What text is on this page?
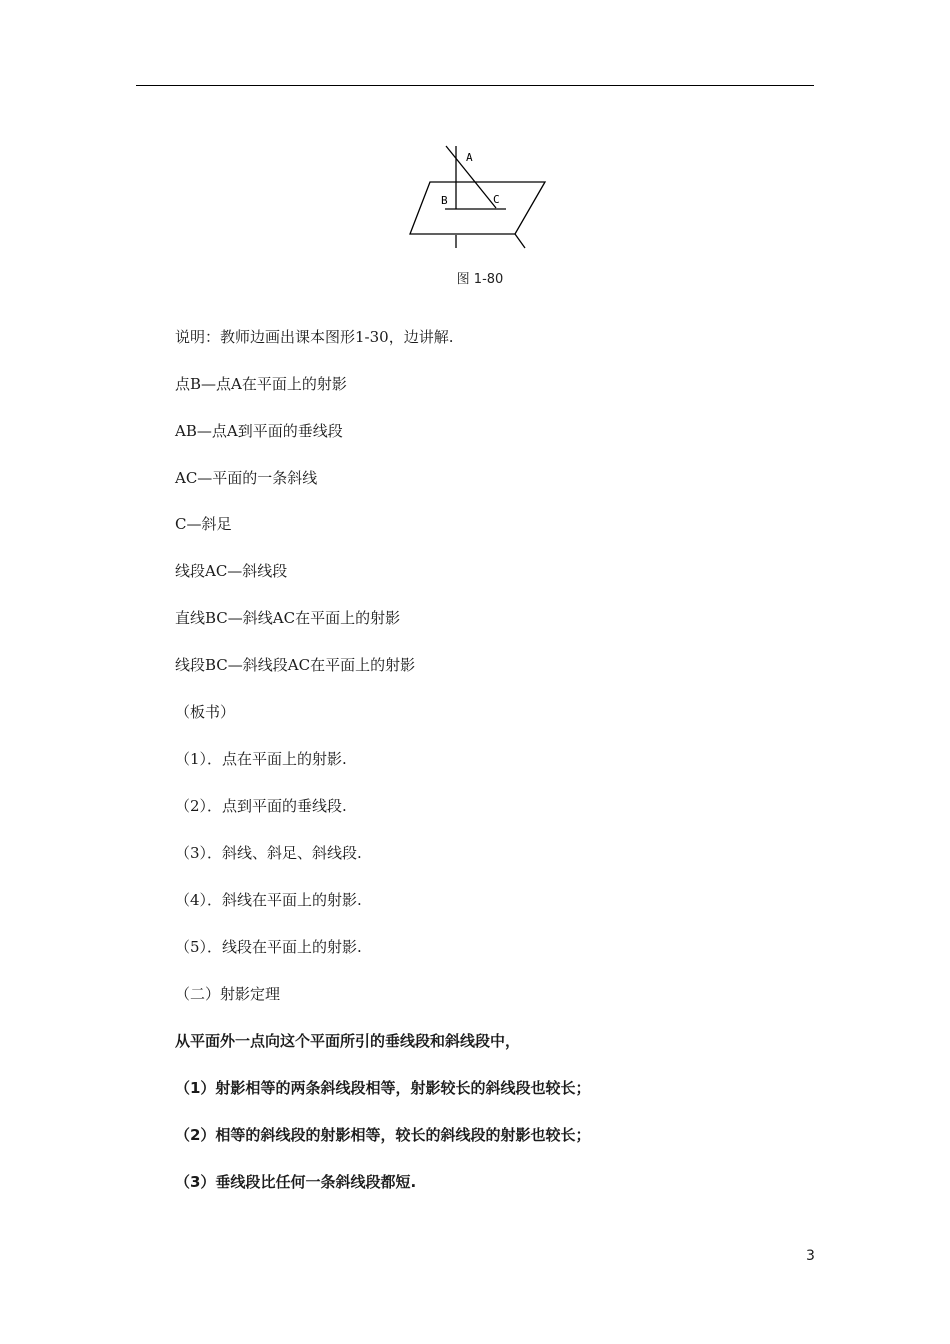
A
B	C
图 1-80
说明：教师边画出课本图形1-30，边讲解.
点B—点A在平面上的射影
AB—点A到平面的垂线段
AC—平面的一条斜线
C—斜足
线段AC—斜线段
直线BC—斜线AC在平面上的射影
线段BC—斜线段AC在平面上的射影
（板书）
（1）．点在平面上的射影.
（2）．点到平面的垂线段.
（3）．斜线、斜足、斜线段.
（4）．斜线在平面上的射影.
（5）．线段在平面上的射影.
（二）射影定理
从平面外一点向这个平面所引的垂线段和斜线段中，
（1）射影相等的两条斜线段相等，射影较长的斜线段也较长；
（2）相等的斜线段的射影相等，较长的斜线段的射影也较长；
（3）垂线段比任何一条斜线段都短.
3
